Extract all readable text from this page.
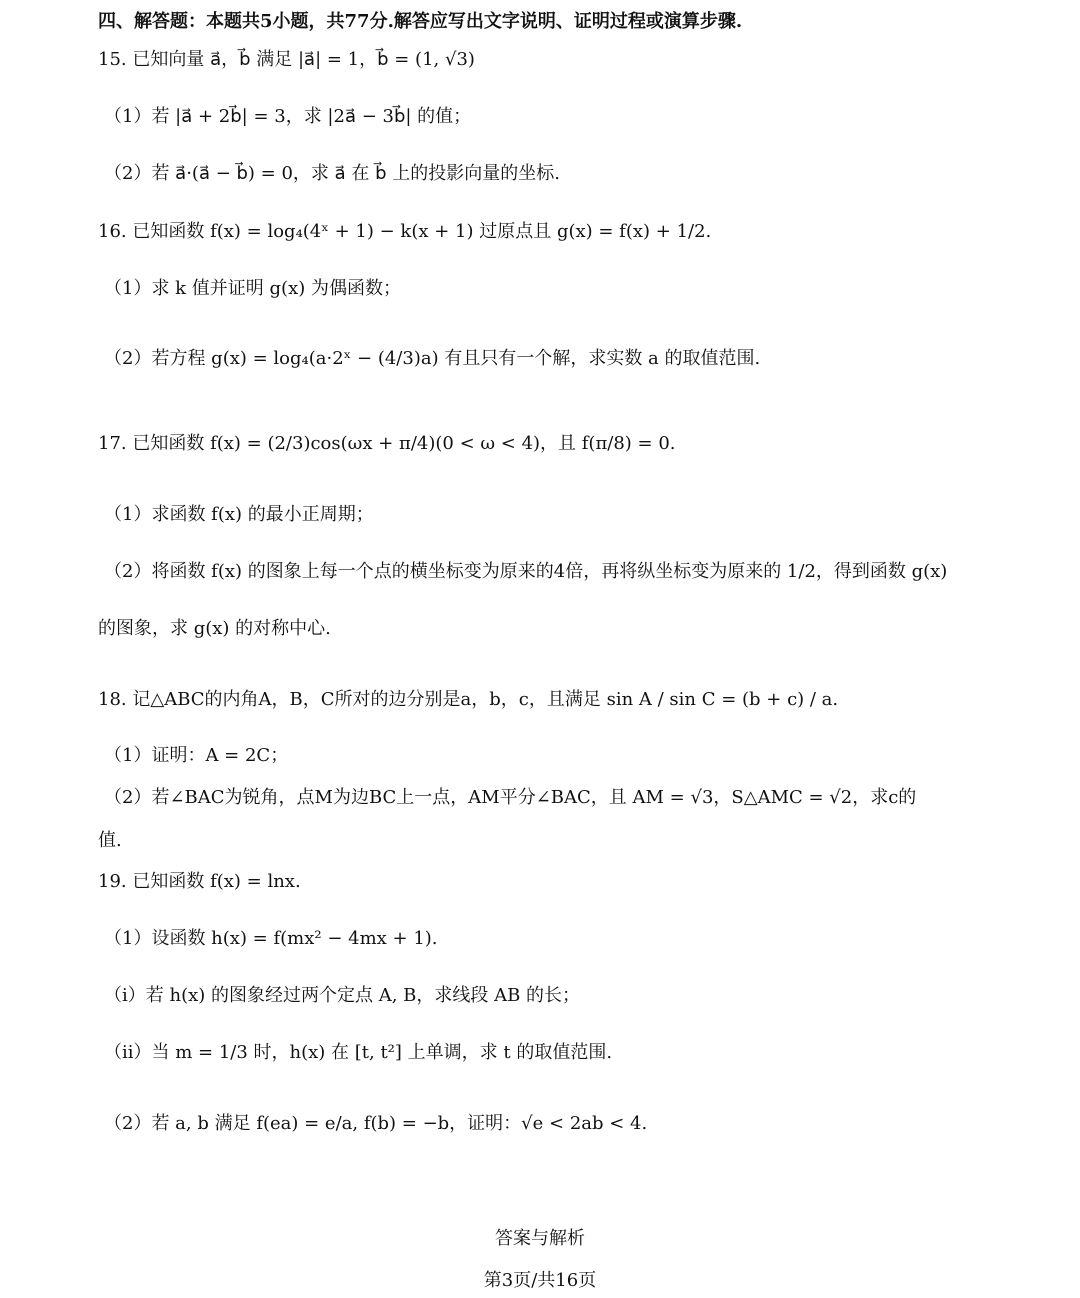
四、解答题：本题共5小题，共77分.解答应写出文字说明、证明过程或演算步骤.
15. 已知向量 a⃗，b⃗ 满足 |a⃗| = 1，b⃗ = (1, √3)
（1）若 |a⃗ + 2b⃗| = 3，求 |2a⃗ − 3b⃗| 的值；
（2）若 a⃗·(a⃗ − b⃗) = 0，求 a⃗ 在 b⃗ 上的投影向量的坐标.
16. 已知函数 f(x) = log₄(4ˣ + 1) − k(x + 1) 过原点且 g(x) = f(x) + 1/2.
（1）求 k 值并证明 g(x) 为偶函数；
（2）若方程 g(x) = log₄(a·2ˣ − (4/3)a) 有且只有一个解，求实数 a 的取值范围.
17. 已知函数 f(x) = (2/3)cos(ωx + π/4)(0 < ω < 4)，且 f(π/8) = 0.
（1）求函数 f(x) 的最小正周期；
（2）将函数 f(x) 的图象上每一个点的横坐标变为原来的4倍，再将纵坐标变为原来的 1/2，得到函数 g(x)
的图象，求 g(x) 的对称中心.
18. 记△ABC的内角A，B，C所对的边分别是a，b，c，且满足 sin A / sin C = (b + c) / a.
（1）证明：A = 2C；
（2）若∠BAC为锐角，点M为边BC上一点，AM平分∠BAC，且 AM = √3，S△AMC = √2，求c的
值.
19. 已知函数 f(x) = lnx.
（1）设函数 h(x) = f(mx² − 4mx + 1).
（i）若 h(x) 的图象经过两个定点 A, B，求线段 AB 的长；
（ii）当 m = 1/3 时，h(x) 在 [t, t²] 上单调，求 t 的取值范围.
（2）若 a, b 满足 f(ea) = e/a, f(b) = −b，证明：√e < 2ab < 4.
答案与解析
第3页/共16页
